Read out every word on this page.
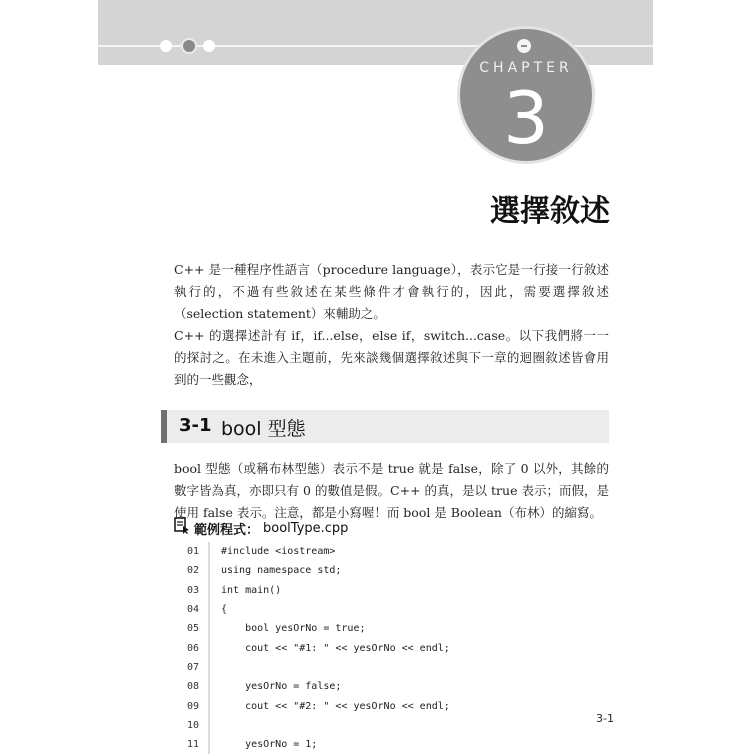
CHAPTER
3
選擇敘述
C++ 是一種程序性語言（procedure language），表示它是一行接一行敘述執行的，不過有些敘述在某些條件才會執行的，因此，需要選擇敘述（selection statement）來輔助之。
C++ 的選擇述計有 if，if...else，else if，switch...case。以下我們將一一的探討之。在未進入主題前，先來談幾個選擇敘述與下一章的迴圈敘述皆會用到的一些觀念，
3-1 bool 型態
bool 型態（或稱布林型態）表示不是 true 就是 false，除了 0 以外，其餘的數字皆為真，亦即只有 0 的數值是假。C++ 的真，是以 true 表示；而假，是使用 false 表示。注意，都是小寫喔！而 bool 是 Boolean（布林）的縮寫。
範例程式： boolType.cpp
01	#include <iostream>
02	using namespace std;
03	int main()
04	{
05	bool yesOrNo = true;
06	cout << "#1: " << yesOrNo << endl;
07
08	yesOrNo = false;
09	cout << "#2: " << yesOrNo << endl;
10
11	yesOrNo = 1;
3-1
